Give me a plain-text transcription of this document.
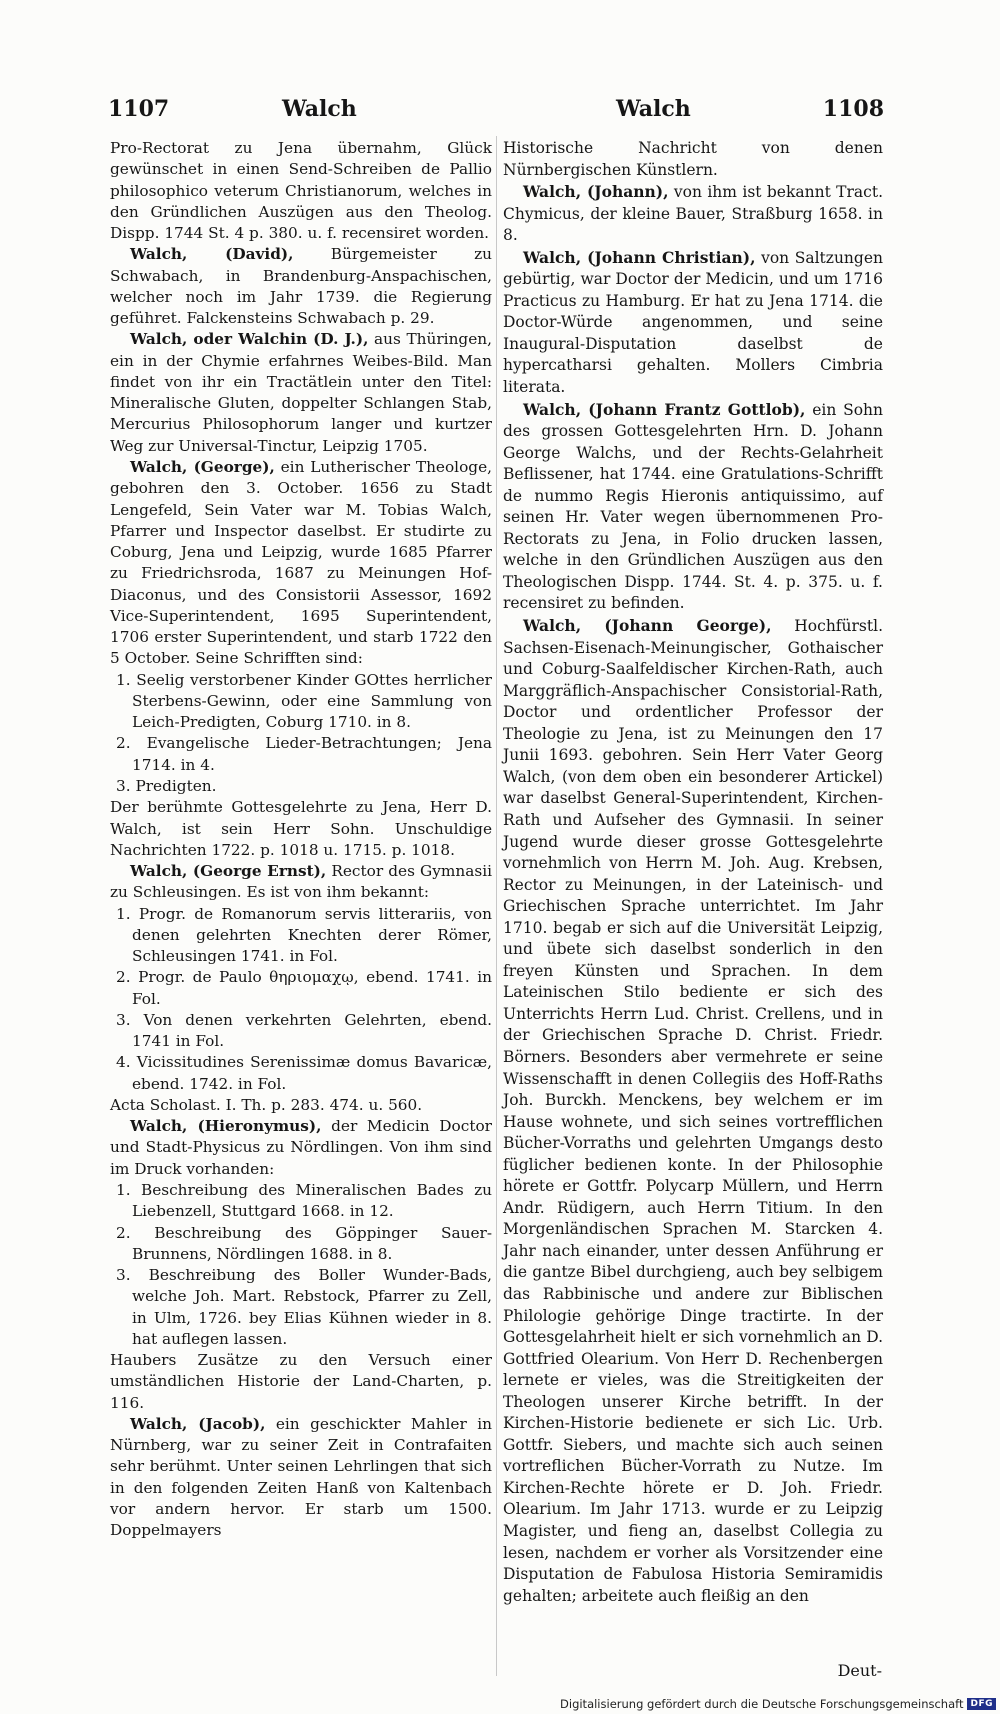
1107	Walch	Walch	1108

Pro-Rectorat zu Jena übernahm, Glück gewünschet in einen Send-Schreiben de Pallio philosophico veterum Christianorum, welches in den Gründlichen Auszügen aus den Theolog. Dispp. 1744 St. 4 p. 380. u. f. recensiret worden.

Walch, (David), Bürgemeister zu Schwabach, in Brandenburg-Anspachischen, welcher noch im Jahr 1739. die Regierung geführet. Falckensteins Schwabach p. 29.

Walch, oder Walchin (D. J.), aus Thüringen, ein in der Chymie erfahrnes Weibes-Bild. Man findet von ihr ein Tractätlein unter den Titel: Mineralische Gluten, doppelter Schlangen Stab, Mercurius Philosophorum langer und kurtzer Weg zur Universal-Tinctur, Leipzig 1705.

Walch, (George), ein Lutherischer Theologe, gebohren den 3. October. 1656 zu Stadt Lengefeld, Sein Vater war M. Tobias Walch, Pfarrer und Inspector daselbst. Er studirte zu Coburg, Jena und Leipzig, wurde 1685 Pfarrer zu Friedrichsroda, 1687 zu Meinungen Hof-Diaconus, und des Consistorii Assessor, 1692 Vice-Superintendent, 1695 Superintendent, 1706 erster Superintendent, und starb 1722 den 5 October. Seine Schrifften sind:

1. Seelig verstorbener Kinder GOttes herrlicher Sterbens-Gewinn, oder eine Sammlung von Leich-Predigten, Coburg 1710. in 8.

2. Evangelische Lieder-Betrachtungen; Jena 1714. in 4.

3. Predigten.

Der berühmte Gottesgelehrte zu Jena, Herr D. Walch, ist sein Herr Sohn. Unschuldige Nachrichten 1722. p. 1018 u. 1715. p. 1018.

Walch, (George Ernst), Rector des Gymnasii zu Schleusingen. Es ist von ihm bekannt:

1. Progr. de Romanorum servis litterariis, von denen gelehrten Knechten derer Römer, Schleusingen 1741. in Fol.

2. Progr. de Paulo θηριομαχῳ, ebend. 1741. in Fol.

3. Von denen verkehrten Gelehrten, ebend. 1741 in Fol.

4. Vicissitudines Serenissimæ domus Bavaricæ, ebend. 1742. in Fol.

Acta Scholast. I. Th. p. 283. 474. u. 560.

Walch, (Hieronymus), der Medicin Doctor und Stadt-Physicus zu Nördlingen. Von ihm sind im Druck vorhanden:

1. Beschreibung des Mineralischen Bades zu Liebenzell, Stuttgard 1668. in 12.

2. Beschreibung des Göppinger Sauer-Brunnens, Nördlingen 1688. in 8.

3. Beschreibung des Boller Wunder-Bads, welche Joh. Mart. Rebstock, Pfarrer zu Zell, in Ulm, 1726. bey Elias Kühnen wieder in 8. hat auflegen lassen.

Haubers Zusätze zu den Versuch einer umständlichen Historie der Land-Charten, p. 116.

Walch, (Jacob), ein geschickter Mahler in Nürnberg, war zu seiner Zeit in Contrafaiten sehr berühmt. Unter seinen Lehrlingen that sich in den folgenden Zeiten Hanß von Kaltenbach vor andern hervor. Er starb um 1500. Doppelmayers

Historische Nachricht von denen Nürnbergischen Künstlern.

Walch, (Johann), von ihm ist bekannt Tract. Chymicus, der kleine Bauer, Straßburg 1658. in 8.

Walch, (Johann Christian), von Saltzungen gebürtig, war Doctor der Medicin, und um 1716 Practicus zu Hamburg. Er hat zu Jena 1714. die Doctor-Würde angenommen, und seine Inaugural-Disputation daselbst de hypercatharsi gehalten. Mollers Cimbria literata.

Walch, (Johann Frantz Gottlob), ein Sohn des grossen Gottesgelehrten Hrn. D. Johann George Walchs, und der Rechts-Gelahrheit Beflissener, hat 1744. eine Gratulations-Schrifft de nummo Regis Hieronis antiquissimo, auf seinen Hr. Vater wegen übernommenen Pro-Rectorats zu Jena, in Folio drucken lassen, welche in den Gründlichen Auszügen aus den Theologischen Dispp. 1744. St. 4. p. 375. u. f. recensiret zu befinden.

Walch, (Johann George), Hochfürstl. Sachsen-Eisenach-Meinungischer, Gothaischer und Coburg-Saalfeldischer Kirchen-Rath, auch Marggräflich-Anspachischer Consistorial-Rath, Doctor und ordentlicher Professor der Theologie zu Jena, ist zu Meinungen den 17 Junii 1693. gebohren. Sein Herr Vater Georg Walch, (von dem oben ein besonderer Artickel) war daselbst General-Superintendent, Kirchen-Rath und Aufseher des Gymnasii. In seiner Jugend wurde dieser grosse Gottesgelehrte vornehmlich von Herrn M. Joh. Aug. Krebsen, Rector zu Meinungen, in der Lateinisch- und Griechischen Sprache unterrichtet. Im Jahr 1710. begab er sich auf die Universität Leipzig, und übete sich daselbst sonderlich in den freyen Künsten und Sprachen. In dem Lateinischen Stilo bediente er sich des Unterrichts Herrn Lud. Christ. Crellens, und in der Griechischen Sprache D. Christ. Friedr. Börners. Besonders aber vermehrete er seine Wissenschafft in denen Collegiis des Hoff-Raths Joh. Burckh. Menckens, bey welchem er im Hause wohnete, und sich seines vortrefflichen Bücher-Vorraths und gelehrten Umgangs desto füglicher bedienen konte. In der Philosophie hörete er Gottfr. Polycarp Müllern, und Herrn Andr. Rüdigern, auch Herrn Titium. In den Morgenländischen Sprachen M. Starcken 4. Jahr nach einander, unter dessen Anführung er die gantze Bibel durchgieng, auch bey selbigem das Rabbinische und andere zur Biblischen Philologie gehörige Dinge tractirte. In der Gottesgelahrheit hielt er sich vornehmlich an D. Gottfried Olearium. Von Herr D. Rechenbergen lernete er vieles, was die Streitigkeiten der Theologen unserer Kirche betrifft. In der Kirchen-Historie bedienete er sich Lic. Urb. Gottfr. Siebers, und machte sich auch seinen vortreflichen Bücher-Vorrath zu Nutze. Im Kirchen-Rechte hörete er D. Joh. Friedr. Olearium. Im Jahr 1713. wurde er zu Leipzig Magister, und fieng an, daselbst Collegia zu lesen, nachdem er vorher als Vorsitzender eine Disputation de Fabulosa Historia Semiramidis gehalten; arbeitete auch fleißig an den

Deut-
Digitalisierung gefördert durch die Deutsche Forschungsgemeinschaft DFG
